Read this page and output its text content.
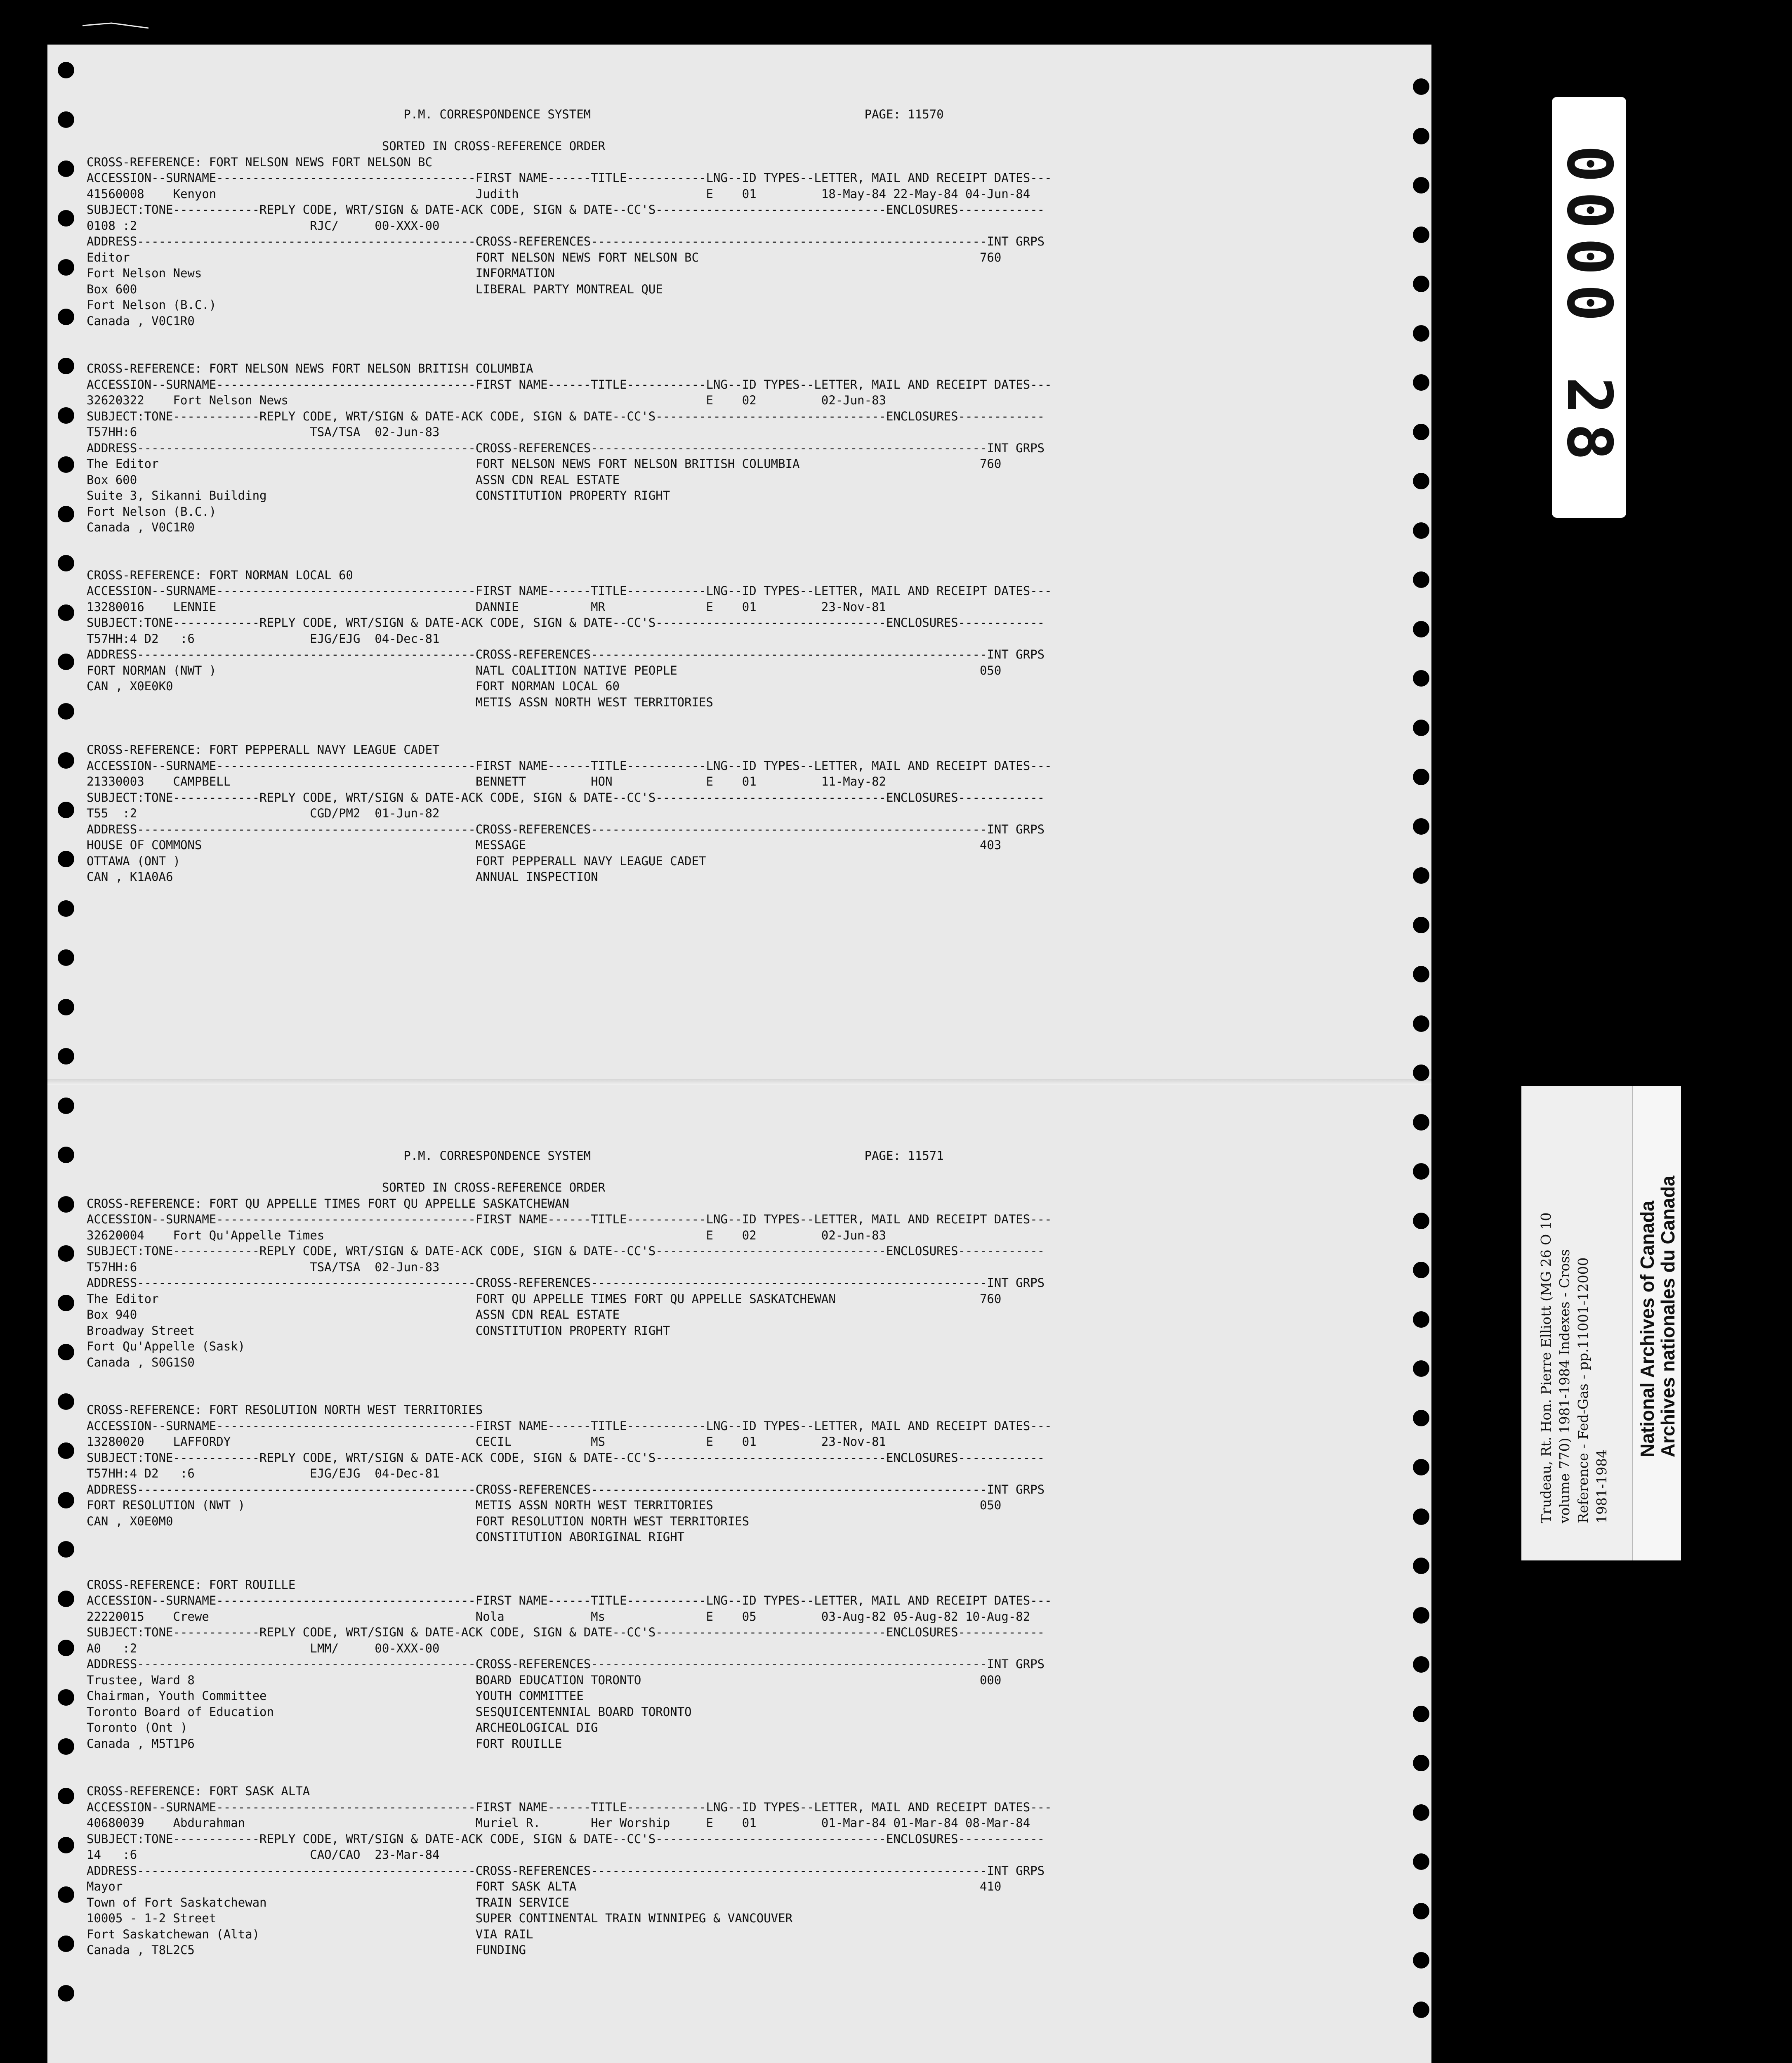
P.M. CORRESPONDENCE SYSTEM                                      PAGE: 11570
SORTED IN CROSS-REFERENCE ORDER
CROSS-REFERENCE: FORT NELSON NEWS FORT NELSON BC
ACCESSION--SURNAME------------------------------------FIRST NAME------TITLE-----------LNG--ID TYPES--LETTER, MAIL AND RECEIPT DATES---
41560008    Kenyon                                    Judith                          E    01         18-May-84 22-May-84 04-Jun-84
SUBJECT:TONE------------REPLY CODE, WRT/SIGN & DATE-ACK CODE, SIGN & DATE--CC'S--------------------------------ENCLOSURES------------
0108 :2                        RJC/     00-XXX-00
ADDRESS-----------------------------------------------CROSS-REFERENCES-------------------------------------------------------INT GRPS
Editor                                                FORT NELSON NEWS FORT NELSON BC                                       760
Fort Nelson News                                      INFORMATION
Box 600                                               LIBERAL PARTY MONTREAL QUE
Fort Nelson (B.C.)
Canada , V0C1R0
CROSS-REFERENCE: FORT NELSON NEWS FORT NELSON BRITISH COLUMBIA
ACCESSION--SURNAME------------------------------------FIRST NAME------TITLE-----------LNG--ID TYPES--LETTER, MAIL AND RECEIPT DATES---
32620322    Fort Nelson News                                                          E    02         02-Jun-83
SUBJECT:TONE------------REPLY CODE, WRT/SIGN & DATE-ACK CODE, SIGN & DATE--CC'S--------------------------------ENCLOSURES------------
T57HH:6                        TSA/TSA  02-Jun-83
ADDRESS-----------------------------------------------CROSS-REFERENCES-------------------------------------------------------INT GRPS
The Editor                                            FORT NELSON NEWS FORT NELSON BRITISH COLUMBIA                         760
Box 600                                               ASSN CDN REAL ESTATE
Suite 3, Sikanni Building                             CONSTITUTION PROPERTY RIGHT
Fort Nelson (B.C.)
Canada , V0C1R0
CROSS-REFERENCE: FORT NORMAN LOCAL 60
ACCESSION--SURNAME------------------------------------FIRST NAME------TITLE-----------LNG--ID TYPES--LETTER, MAIL AND RECEIPT DATES---
13280016    LENNIE                                    DANNIE          MR              E    01         23-Nov-81
SUBJECT:TONE------------REPLY CODE, WRT/SIGN & DATE-ACK CODE, SIGN & DATE--CC'S--------------------------------ENCLOSURES------------
T57HH:4 D2   :6                EJG/EJG  04-Dec-81
ADDRESS-----------------------------------------------CROSS-REFERENCES-------------------------------------------------------INT GRPS
FORT NORMAN (NWT )                                    NATL COALITION NATIVE PEOPLE                                          050
CAN , X0E0K0                                          FORT NORMAN LOCAL 60
METIS ASSN NORTH WEST TERRITORIES
CROSS-REFERENCE: FORT PEPPERALL NAVY LEAGUE CADET
ACCESSION--SURNAME------------------------------------FIRST NAME------TITLE-----------LNG--ID TYPES--LETTER, MAIL AND RECEIPT DATES---
21330003    CAMPBELL                                  BENNETT         HON             E    01         11-May-82
SUBJECT:TONE------------REPLY CODE, WRT/SIGN & DATE-ACK CODE, SIGN & DATE--CC'S--------------------------------ENCLOSURES------------
T55  :2                        CGD/PM2  01-Jun-82
ADDRESS-----------------------------------------------CROSS-REFERENCES-------------------------------------------------------INT GRPS
HOUSE OF COMMONS                                      MESSAGE                                                               403
OTTAWA (ONT )                                         FORT PEPPERALL NAVY LEAGUE CADET
CAN , K1A0A6                                          ANNUAL INSPECTION
P.M. CORRESPONDENCE SYSTEM                                      PAGE: 11571
SORTED IN CROSS-REFERENCE ORDER
CROSS-REFERENCE: FORT QU APPELLE TIMES FORT QU APPELLE SASKATCHEWAN
ACCESSION--SURNAME------------------------------------FIRST NAME------TITLE-----------LNG--ID TYPES--LETTER, MAIL AND RECEIPT DATES---
32620004    Fort Qu'Appelle Times                                                     E    02         02-Jun-83
SUBJECT:TONE------------REPLY CODE, WRT/SIGN & DATE-ACK CODE, SIGN & DATE--CC'S--------------------------------ENCLOSURES------------
T57HH:6                        TSA/TSA  02-Jun-83
ADDRESS-----------------------------------------------CROSS-REFERENCES-------------------------------------------------------INT GRPS
The Editor                                            FORT QU APPELLE TIMES FORT QU APPELLE SASKATCHEWAN                    760
Box 940                                               ASSN CDN REAL ESTATE
Broadway Street                                       CONSTITUTION PROPERTY RIGHT
Fort Qu'Appelle (Sask)
Canada , S0G1S0
CROSS-REFERENCE: FORT RESOLUTION NORTH WEST TERRITORIES
ACCESSION--SURNAME------------------------------------FIRST NAME------TITLE-----------LNG--ID TYPES--LETTER, MAIL AND RECEIPT DATES---
13280020    LAFFORDY                                  CECIL           MS              E    01         23-Nov-81
SUBJECT:TONE------------REPLY CODE, WRT/SIGN & DATE-ACK CODE, SIGN & DATE--CC'S--------------------------------ENCLOSURES------------
T57HH:4 D2   :6                EJG/EJG  04-Dec-81
ADDRESS-----------------------------------------------CROSS-REFERENCES-------------------------------------------------------INT GRPS
FORT RESOLUTION (NWT )                                METIS ASSN NORTH WEST TERRITORIES                                     050
CAN , X0E0M0                                          FORT RESOLUTION NORTH WEST TERRITORIES
CONSTITUTION ABORIGINAL RIGHT
CROSS-REFERENCE: FORT ROUILLE
ACCESSION--SURNAME------------------------------------FIRST NAME------TITLE-----------LNG--ID TYPES--LETTER, MAIL AND RECEIPT DATES---
22220015    Crewe                                     Nola            Ms              E    05         03-Aug-82 05-Aug-82 10-Aug-82
SUBJECT:TONE------------REPLY CODE, WRT/SIGN & DATE-ACK CODE, SIGN & DATE--CC'S--------------------------------ENCLOSURES------------
A0   :2                        LMM/     00-XXX-00
ADDRESS-----------------------------------------------CROSS-REFERENCES-------------------------------------------------------INT GRPS
Trustee, Ward 8                                       BOARD EDUCATION TORONTO                                               000
Chairman, Youth Committee                             YOUTH COMMITTEE
Toronto Board of Education                            SESQUICENTENNIAL BOARD TORONTO
Toronto (Ont )                                        ARCHEOLOGICAL DIG
Canada , M5T1P6                                       FORT ROUILLE
CROSS-REFERENCE: FORT SASK ALTA
ACCESSION--SURNAME------------------------------------FIRST NAME------TITLE-----------LNG--ID TYPES--LETTER, MAIL AND RECEIPT DATES---
40680039    Abdurahman                                Muriel R.       Her Worship     E    01         01-Mar-84 01-Mar-84 08-Mar-84
SUBJECT:TONE------------REPLY CODE, WRT/SIGN & DATE-ACK CODE, SIGN & DATE--CC'S--------------------------------ENCLOSURES------------
14   :6                        CAO/CAO  23-Mar-84
ADDRESS-----------------------------------------------CROSS-REFERENCES-------------------------------------------------------INT GRPS
Mayor                                                 FORT SASK ALTA                                                        410
Town of Fort Saskatchewan                             TRAIN SERVICE
10005 - 1-2 Street                                    SUPER CONTINENTAL TRAIN WINNIPEG & VANCOUVER
Fort Saskatchewan (Alta)                              VIA RAIL
Canada , T8L2C5                                       FUNDING
0000 28
Trudeau, Rt. Hon. Pierre Elliott (MG 26 O 10 volume 770) 1981-1984 Indexes - Cross Reference - Fed-Gas - pp.11001-12000 1981-1984
National Archives of Canada
Archives nationales du Canada
